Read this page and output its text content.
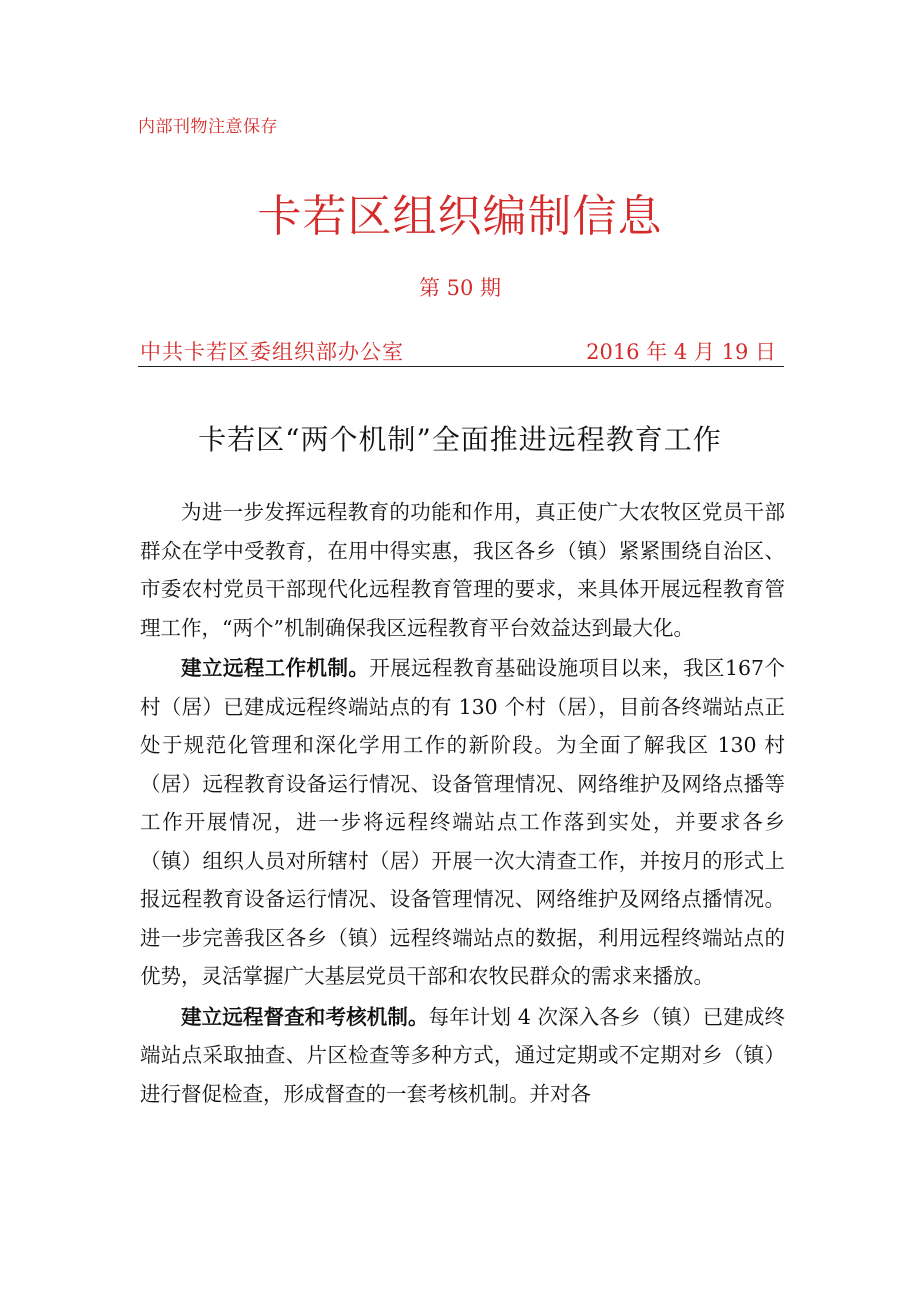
内部刊物注意保存
卡若区组织编制信息
第 50 期
中共卡若区委组织部办公室	2016 年 4 月 19 日
卡若区“两个机制”全面推进远程教育工作

为进一步发挥远程教育的功能和作用，真正使广大农牧区党员干部群众在学中受教育，在用中得实惠，我区各乡（镇）紧紧围绕自治区、市委农村党员干部现代化远程教育管理的要求，来具体开展远程教育管理工作，“两个”机制确保我区远程教育平台效益达到最大化。

建立远程工作机制。开展远程教育基础设施项目以来，我区167个村（居）已建成远程终端站点的有 130 个村（居），目前各终端站点正处于规范化管理和深化学用工作的新阶段。为全面了解我区 130 村（居）远程教育设备运行情况、设备管理情况、网络维护及网络点播等工作开展情况，进一步将远程终端站点工作落到实处，并要求各乡（镇）组织人员对所辖村（居）开展一次大清查工作，并按月的形式上报远程教育设备运行情况、设备管理情况、网络维护及网络点播情况。进一步完善我区各乡（镇）远程终端站点的数据，利用远程终端站点的优势，灵活掌握广大基层党员干部和农牧民群众的需求来播放。

建立远程督查和考核机制。每年计划 4 次深入各乡（镇）已建成终端站点采取抽查、片区检查等多种方式，通过定期或不定期对乡（镇）进行督促检查，形成督查的一套考核机制。并对各
